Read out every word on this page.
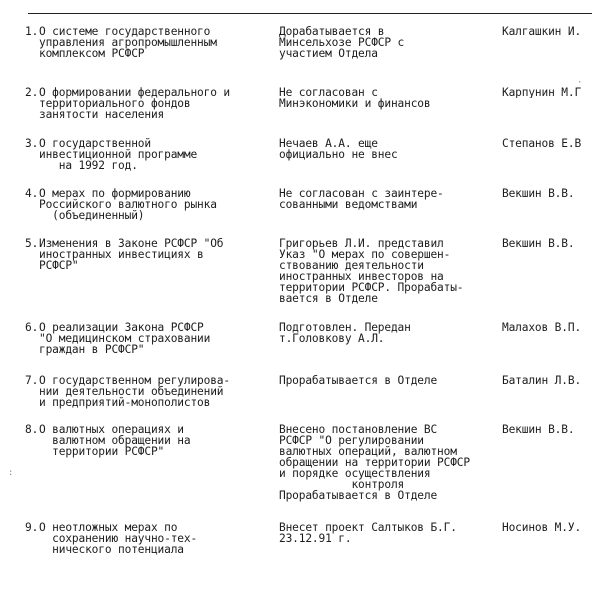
1. О системе государственного
управления агропромышленным
комплексом РСФСР
Дорабатывается в
Минсельхозе РСФСР с
участием Отдела
Калгашкин И.
2. О формировании федерального и
территориального фондов
занятости населения
Не согласован с
Минэкономики и финансов
Карпунин М.Г
3. О государственной
инвестиционной программе
на 1992 год.
Нечаев А.А. еще
официально не внес
Степанов Е.В
4. О мерах по формированию
Российского валютного рынка
(объединенный)
Не согласован с заинтере-
сованными ведомствами
Векшин В.В.
5. Изменения в Законе РСФСР "Об
иностранных инвестициях в
РСФСР"
Григорьев Л.И. представил
Указ "О мерах по совершен-
ствованию деятельности
иностранных инвесторов на
территории РСФСР. Прорабаты-
вается в Отделе
Векшин В.В.
6. О реализации Закона РСФСР
"О медицинском страховании
граждан в РСФСР"
Подготовлен. Передан
т.Головкову А.Л.
Малахов В.П.
7. О государственном регулирова-
нии деятельности объединений
и предприятий-монополистов
Прорабатывается в Отделе	Баталин Л.В.
8. О валютных операциях и
валютном обращении на
территории РСФСР"
Внесено постановление ВС
РСФСР "О регулировании
валютных операций, валютном
обращении на территории РСФСР
и порядке осуществления
контроля
Прорабатывается в Отделе
Векшин В.В.
9. О неотложных мерах по
сохранению научно-тех-
нического потенциала
Внесет проект Салтыков Б.Г.
23.12.91 г.
Носинов М.У.
·
:
